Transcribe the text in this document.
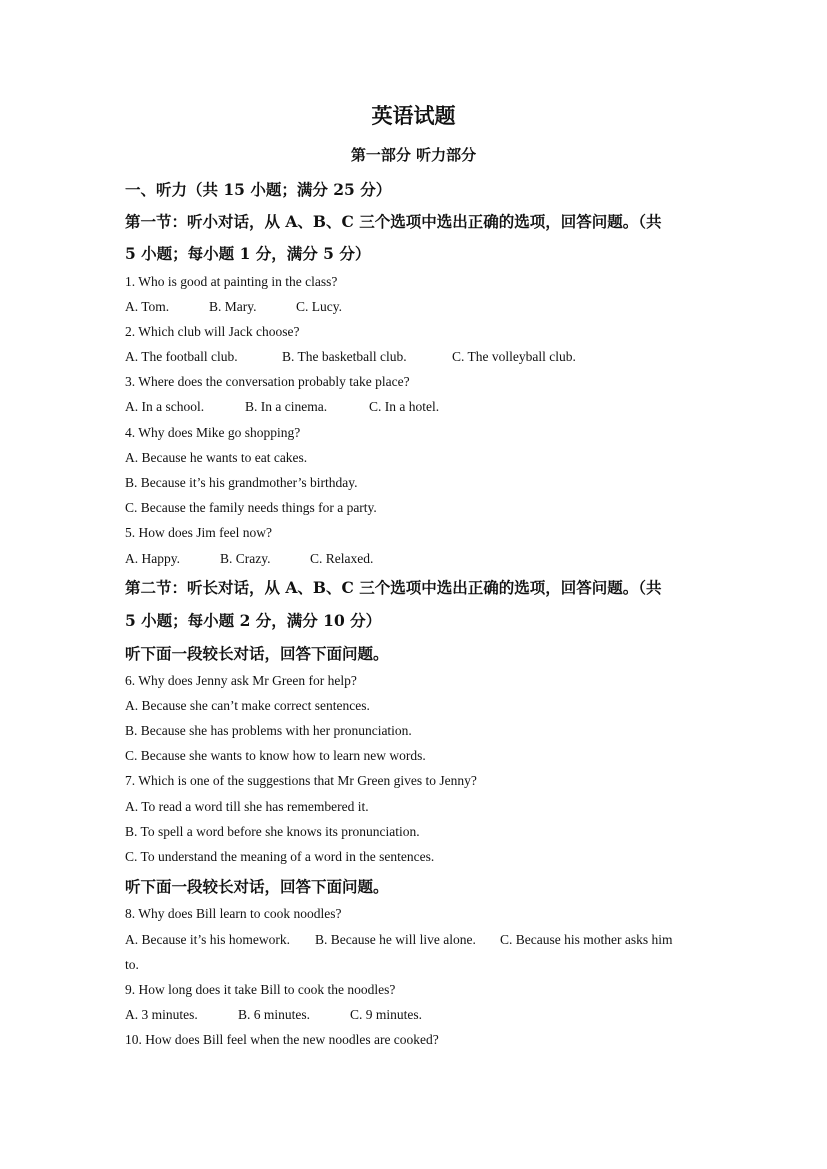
英语试题
第一部分 听力部分
一、听力（共 15 小题；满分 25 分）
第一节：听小对话，从 A、B、C 三个选项中选出正确的选项，回答问题。（共
5 小题；每小题 1 分，满分 5 分）
1. Who is good at painting in the class?
A. Tom.	B. Mary.	C. Lucy.
2. Which club will Jack choose?
A. The football club.	B. The basketball club.	C. The volleyball club.
3. Where does the conversation probably take place?
A. In a school.	B. In a cinema.	C. In a hotel.
4. Why does Mike go shopping?
A. Because he wants to eat cakes.
B. Because it’s his grandmother’s birthday.
C. Because the family needs things for a party.
5. How does Jim feel now?
A. Happy.	B. Crazy.	C. Relaxed.
第二节：听长对话，从 A、B、C 三个选项中选出正确的选项，回答问题。（共
5 小题；每小题 2 分，满分 10 分）
听下面一段较长对话，回答下面问题。
6. Why does Jenny ask Mr Green for help?
A. Because she can’t make correct sentences.
B. Because she has problems with her pronunciation.
C. Because she wants to know how to learn new words.
7. Which is one of the suggestions that Mr Green gives to Jenny?
A. To read a word till she has remembered it.
B. To spell a word before she knows its pronunciation.
C. To understand the meaning of a word in the sentences.
听下面一段较长对话，回答下面问题。
8. Why does Bill learn to cook noodles?
A. Because it’s his homework. B. Because he will live alone. C. Because his mother asks him
to.
9. How long does it take Bill to cook the noodles?
A. 3 minutes.	B. 6 minutes.	C. 9 minutes.
10. How does Bill feel when the new noodles are cooked?
